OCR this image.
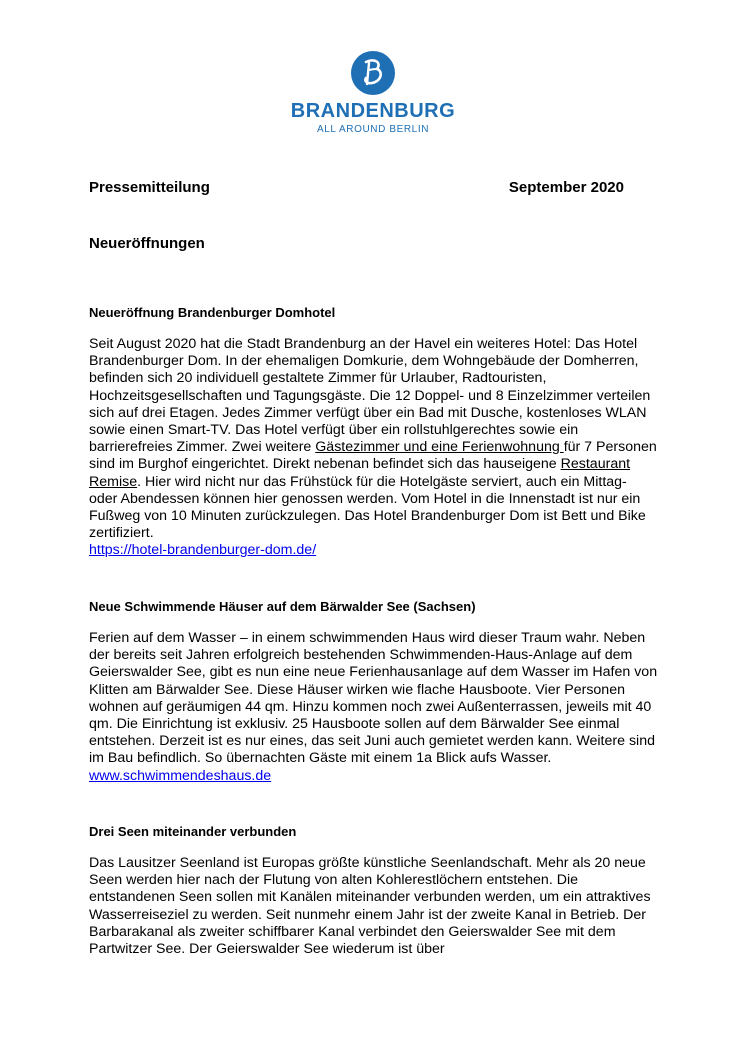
BRANDENBURG
ALL AROUND BERLIN
Pressemitteilung	September 2020
Neueröffnungen
Neueröffnung Brandenburger Domhotel
Seit August 2020 hat die Stadt Brandenburg an der Havel ein weiteres Hotel: Das Hotel Brandenburger Dom. In der ehemaligen Domkurie, dem Wohngebäude der Domherren, befinden sich 20 individuell gestaltete Zimmer für Urlauber, Radtouristen, Hochzeitsgesellschaften und Tagungsgäste. Die 12 Doppel- und 8 Einzelzimmer verteilen sich auf drei Etagen. Jedes Zimmer verfügt über ein Bad mit Dusche, kostenloses WLAN sowie einen Smart-TV. Das Hotel verfügt über ein rollstuhlgerechtes sowie ein barrierefreies Zimmer. Zwei weitere Gästezimmer und eine Ferienwohnung für 7 Personen sind im Burghof eingerichtet. Direkt nebenan befindet sich das hauseigene Restaurant Remise. Hier wird nicht nur das Frühstück für die Hotelgäste serviert, auch ein Mittag- oder Abendessen können hier genossen werden. Vom Hotel in die Innenstadt ist nur ein Fußweg von 10 Minuten zurückzulegen. Das Hotel Brandenburger Dom ist Bett und Bike zertifiziert.
https://hotel-brandenburger-dom.de/
Neue Schwimmende Häuser auf dem Bärwalder See (Sachsen)
Ferien auf dem Wasser – in einem schwimmenden Haus wird dieser Traum wahr. Neben der bereits seit Jahren erfolgreich bestehenden Schwimmenden-Haus-Anlage auf dem Geierswalder See, gibt es nun eine neue Ferienhausanlage auf dem Wasser im Hafen von Klitten am Bärwalder See. Diese Häuser wirken wie flache Hausboote. Vier Personen wohnen auf geräumigen 44 qm. Hinzu kommen noch zwei Außenterrassen, jeweils mit 40 qm. Die Einrichtung ist exklusiv. 25 Hausboote sollen auf dem Bärwalder See einmal entstehen. Derzeit ist es nur eines, das seit Juni auch gemietet werden kann. Weitere sind im Bau befindlich. So übernachten Gäste mit einem 1a Blick aufs Wasser. www.schwimmendeshaus.de
Drei Seen miteinander verbunden
Das Lausitzer Seenland ist Europas größte künstliche Seenlandschaft. Mehr als 20 neue Seen werden hier nach der Flutung von alten Kohlerestlöchern entstehen. Die entstandenen Seen sollen mit Kanälen miteinander verbunden werden, um ein attraktives Wasserreiseziel zu werden. Seit nunmehr einem Jahr ist der zweite Kanal in Betrieb. Der Barbarakanal als zweiter schiffbarer Kanal verbindet den Geierswalder See mit dem Partwitzer See. Der Geierswalder See wiederum ist über
